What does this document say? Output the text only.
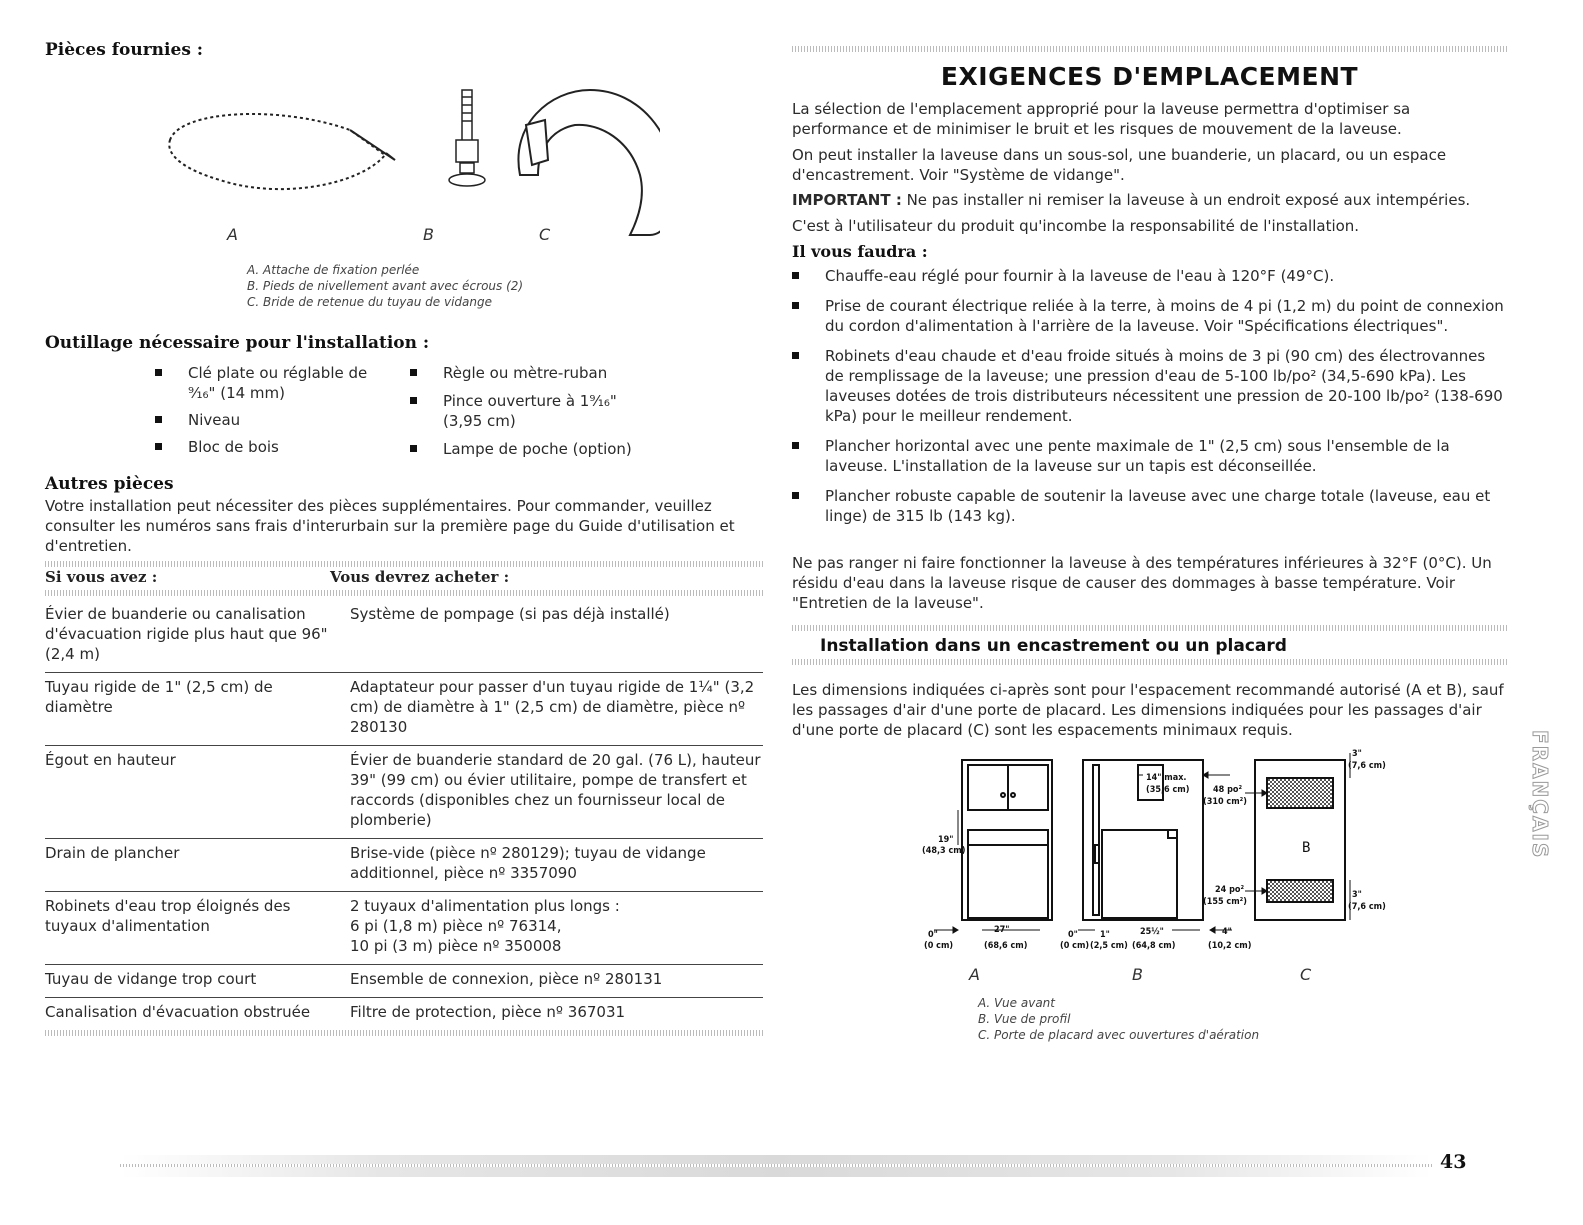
Pièces fournies :
A	B	C
A. Attache de fixation perlée
B. Pieds de nivellement avant avec écrous (2)
C. Bride de retenue du tuyau de vidange
Outillage nécessaire pour l'installation :
Clé plate ou réglable de
⁹⁄₁₆" (14 mm)
Niveau
Bloc de bois
Règle ou mètre-ruban
Pince ouverture à 1⁹⁄₁₆"
(3,95 cm)
Lampe de poche (option)
Autres pièces

Votre installation peut nécessiter des pièces supplémentaires. Pour commander, veuillez consulter les numéros sans frais d'interurbain sur la première page du Guide d'utilisation et d'entretien.

Si vous avez :	Vous devrez acheter :
Évier de buanderie ou canalisation d'évacuation rigide plus haut que 96" (2,4 m)	Système de pompage (si pas déjà installé)
Tuyau rigide de 1" (2,5 cm) de diamètre	Adaptateur pour passer d'un tuyau rigide de 1¼" (3,2 cm) de diamètre à 1" (2,5 cm) de diamètre, pièce nº 280130
Égout en hauteur	Évier de buanderie standard de 20 gal. (76 L), hauteur 39" (99 cm) ou évier utilitaire, pompe de transfert et raccords (disponibles chez un fournisseur local de plomberie)
Drain de plancher	Brise-vide (pièce nº 280129); tuyau de vidange additionnel, pièce nº 3357090
Robinets d'eau trop éloignés des tuyaux d'alimentation	2 tuyaux d'alimentation plus longs :
6 pi (1,8 m) pièce nº 76314,
10 pi (3 m) pièce nº 350008
Tuyau de vidange trop court	Ensemble de connexion, pièce nº 280131
Canalisation d'évacuation obstruée	Filtre de protection, pièce nº 367031
EXIGENCES D'EMPLACEMENT

La sélection de l'emplacement approprié pour la laveuse permettra d'optimiser sa performance et de minimiser le bruit et les risques de mouvement de la laveuse.

On peut installer la laveuse dans un sous-sol, une buanderie, un placard, ou un espace d'encastrement. Voir "Système de vidange".

IMPORTANT : Ne pas installer ni remiser la laveuse à un endroit exposé aux intempéries.

C'est à l'utilisateur du produit qu'incombe la responsabilité de l'installation.

Il vous faudra :
Chauffe-eau réglé pour fournir à la laveuse de l'eau à 120°F (49°C).
Prise de courant électrique reliée à la terre, à moins de 4 pi (1,2 m) du point de connexion du cordon d'alimentation à l'arrière de la laveuse. Voir "Spécifications électriques".
Robinets d'eau chaude et d'eau froide situés à moins de 3 pi (90 cm) des électrovannes de remplissage de la laveuse; une pression d'eau de 5-100 lb/po² (34,5-690 kPa). Les laveuses dotées de trois distributeurs nécessitent une pression de 20-100 lb/po² (138-690 kPa) pour le meilleur rendement.
Plancher horizontal avec une pente maximale de 1" (2,5 cm) sous l'ensemble de la laveuse. L'installation de la laveuse sur un tapis est déconseillée.
Plancher robuste capable de soutenir la laveuse avec une charge totale (laveuse, eau et linge) de 315 lb (143 kg).

Ne pas ranger ni faire fonctionner la laveuse à des températures inférieures à 32°F (0°C). Un résidu d'eau dans la laveuse risque de causer des dommages à basse température. Voir "Entretien de la laveuse".

Installation dans un encastrement ou un placard

Les dimensions indiquées ci-après sont pour l'espacement recommandé autorisé (A et B), sauf les passages d'air d'une porte de placard. Les dimensions indiquées pour les passages d'air d'une porte de placard (C) sont les espacements minimaux requis.

19"
(48,3 cm)
0"
(0 cm)
27"
(68,6 cm)
0"
(0 cm)
1"
(2,5 cm)
25½"
(64,8 cm)
14" max.
(35,6 cm)	48 po²
(310 cm²)
24 po²
(155 cm²)
4"
(10,2 cm)
3"
(7,6 cm)
3"
(7,6 cm)
B
A	B	C
A. Vue avant
B. Vue de profil
C. Porte de placard avec ouvertures d'aération
FRANÇAIS
43
